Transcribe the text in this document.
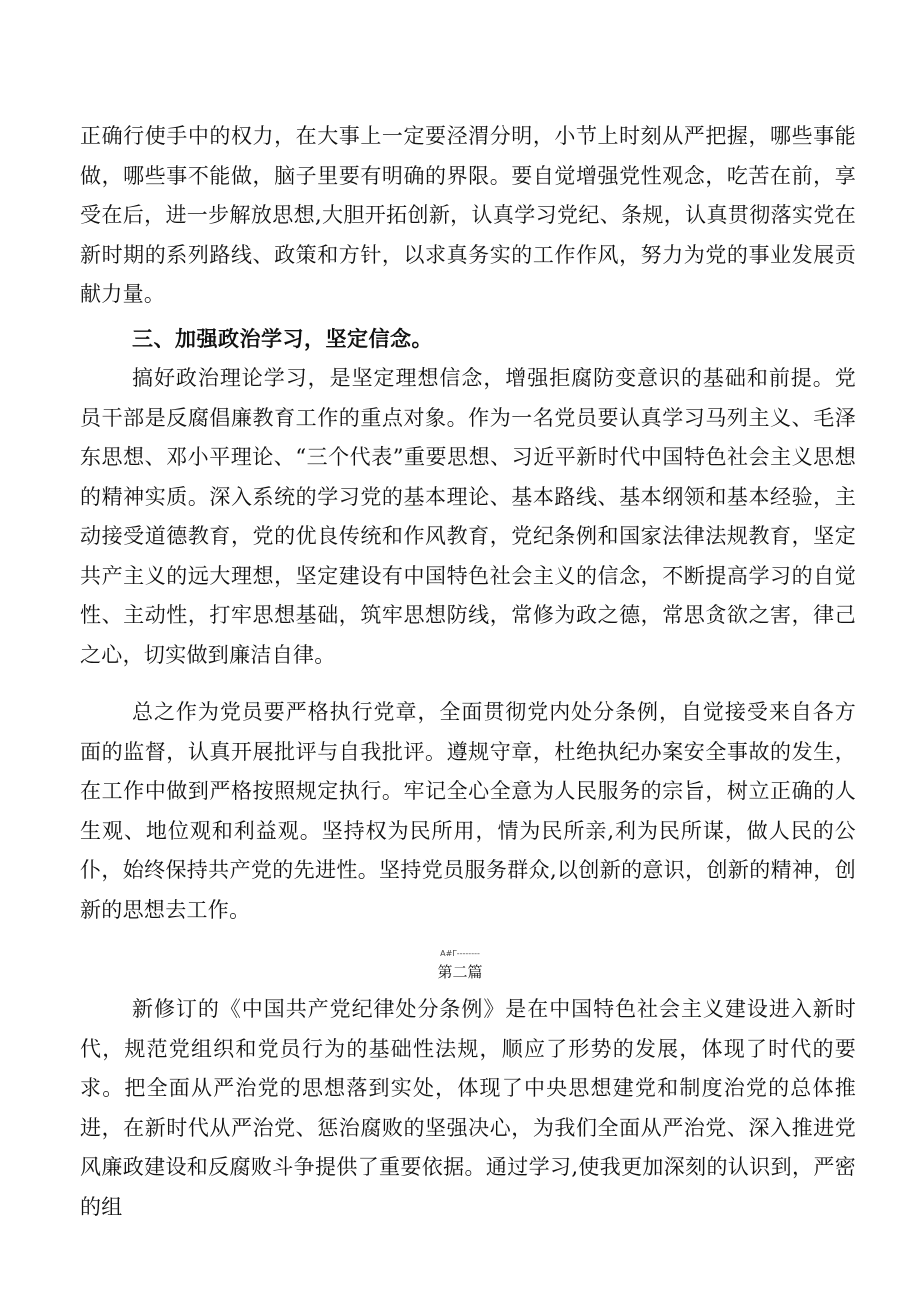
正确行使手中的权力，在大事上一定要泾渭分明，小节上时刻从严把握，哪些事能做，哪些事不能做，脑子里要有明确的界限。要自觉增强党性观念，吃苦在前，享受在后，进一步解放思想,大胆开拓创新，认真学习党纪、条规，认真贯彻落实党在新时期的系列路线、政策和方针，以求真务实的工作作风，努力为党的事业发展贡献力量。

三、加强政治学习，坚定信念。

搞好政治理论学习，是坚定理想信念，增强拒腐防变意识的基础和前提。党员干部是反腐倡廉教育工作的重点对象。作为一名党员要认真学习马列主义、毛泽东思想、邓小平理论、“三个代表”重要思想、习近平新时代中国特色社会主义思想的精神实质。深入系统的学习党的基本理论、基本路线、基本纲领和基本经验，主动接受道德教育，党的优良传统和作风教育，党纪条例和国家法律法规教育，坚定共产主义的远大理想，坚定建设有中国特色社会主义的信念，不断提高学习的自觉性、主动性，打牢思想基础，筑牢思想防线，常修为政之德，常思贪欲之害，律己之心，切实做到廉洁自律。

总之作为党员要严格执行党章，全面贯彻党内处分条例，自觉接受来自各方面的监督，认真开展批评与自我批评。遵规守章，杜绝执纪办案安全事故的发生，在工作中做到严格按照规定执行。牢记全心全意为人民服务的宗旨，树立正确的人生观、地位观和利益观。坚持权为民所用，情为民所亲,利为民所谋，做人民的公仆，始终保持共产党的先进性。坚持党员服务群众,以创新的意识，创新的精神，创新的思想去工作。

A#Γ--------
第二篇

新修订的《中国共产党纪律处分条例》是在中国特色社会主义建设进入新时代，规范党组织和党员行为的基础性法规，顺应了形势的发展，体现了时代的要求。把全面从严治党的思想落到实处，体现了中央思想建党和制度治党的总体推进，在新时代从严治党、惩治腐败的坚强决心，为我们全面从严治党、深入推进党风廉政建设和反腐败斗争提供了重要依据。通过学习,使我更加深刻的认识到，严密的组
